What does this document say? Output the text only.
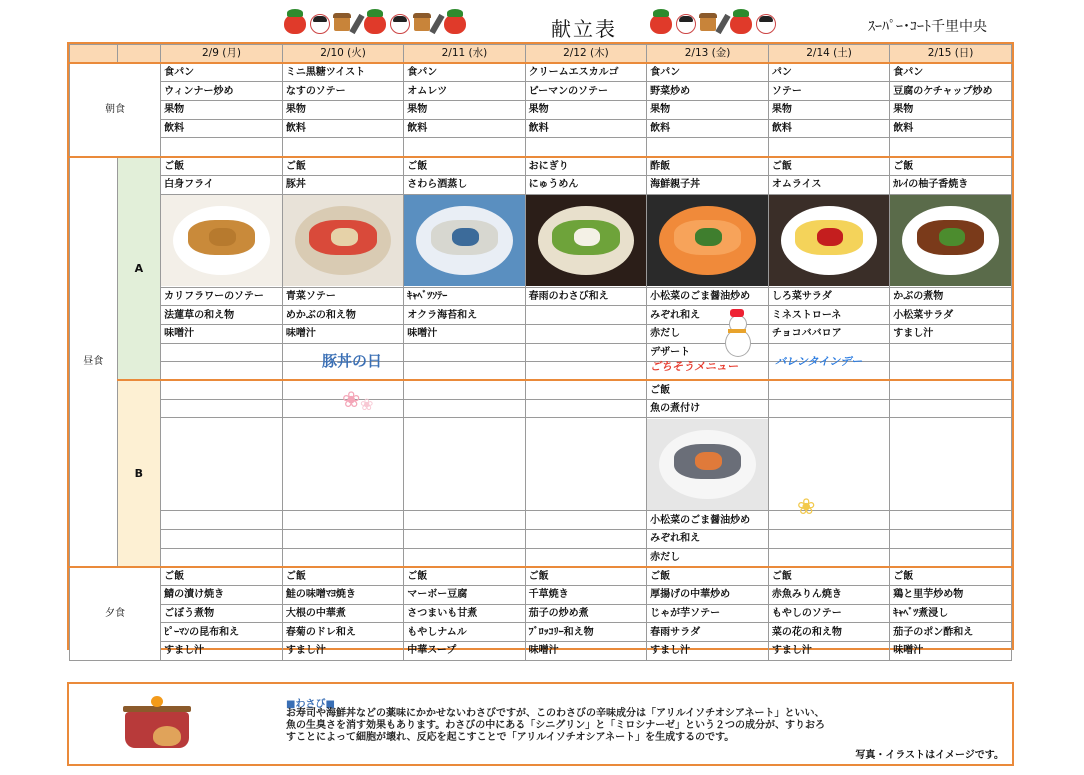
献立表	ｽｰﾊﾟｰ･ｺｰﾄ千里中央
		2/9 (月)	2/10 (火)	2/11 (水)	2/12 (木)	2/13 (金)	2/14 (土)	2/15 (日)
朝食		食パン	ミニ黒糖ツイスト	食パン	クリームエスカルゴ	食パン	パン	食パン
		ウィンナー炒め	なすのソテー	オムレツ	ピーマンのソテー	野菜炒め	ソテー	豆腐のケチャップ炒め
		果物	果物	果物	果物	果物	果物	果物
		飲料	飲料	飲料	飲料	飲料	飲料	飲料

昼食	A	ご飯	ご飯	ご飯	おにぎり	酢飯	ご飯	ご飯
		白身フライ	豚丼	さわら酒蒸し	にゅうめん	海鮮親子丼	オムライス	ｶﾚｲの柚子香焼き

		カリフラワーのソテー	青菜ソテー	ｷｬﾍﾞﾂｿﾃｰ	春雨のわさび和え	小松菜のごま醤油炒め	しろ菜サラダ	かぶの煮物
		法蓮草の和え物	めかぶの和え物	オクラ海苔和え		みぞれ和え	ミネストローネ	小松菜サラダ
		味噌汁	味噌汁	味噌汁		赤だし	チョコババロア	すまし汁
						デザート		

	B					ご飯		
						魚の煮付け		

						小松菜のごま醤油炒め		
						みぞれ和え		
						赤だし		
夕食		ご飯	ご飯	ご飯	ご飯	ご飯	ご飯	ご飯
		鯖の漬け焼き	鮭の味噌ﾏﾖ焼き	マーボー豆腐	千草焼き	厚揚げの中華炒め	赤魚みりん焼き	鶏と里芋炒め物
		ごぼう煮物	大根の中華煮	さつまいも甘煮	茄子の炒め煮	じゃが芋ソテー	もやしのソテー	ｷｬﾍﾞﾂ煮浸し
		ﾋﾟｰﾏﾝの昆布和え	春菊のドレ和え	もやしナムル	ﾌﾞﾛｯｺﾘｰ和え物	春雨サラダ	菜の花の和え物	茄子のポン酢和え
		すまし汁	すまし汁	中華スープ	味噌汁	すまし汁	すまし汁	味噌汁
豚丼の日	ごちそうメニュー	バレンタインデー
❀ ❀
❀
■わさび■
お寿司や海鮮丼などの薬味にかかせないわさびですが、このわさびの辛味成分は「アリルイソチオシアネート」といい、
魚の生臭さを消す効果もあります。わさびの中にある「シニグリン」と「ミロシナーゼ」という２つの成分が、すりおろ
すことによって細胞が壊れ、反応を起こすことで「アリルイソチオシアネート」を生成するのです。
写真・イラストはイメージです。
